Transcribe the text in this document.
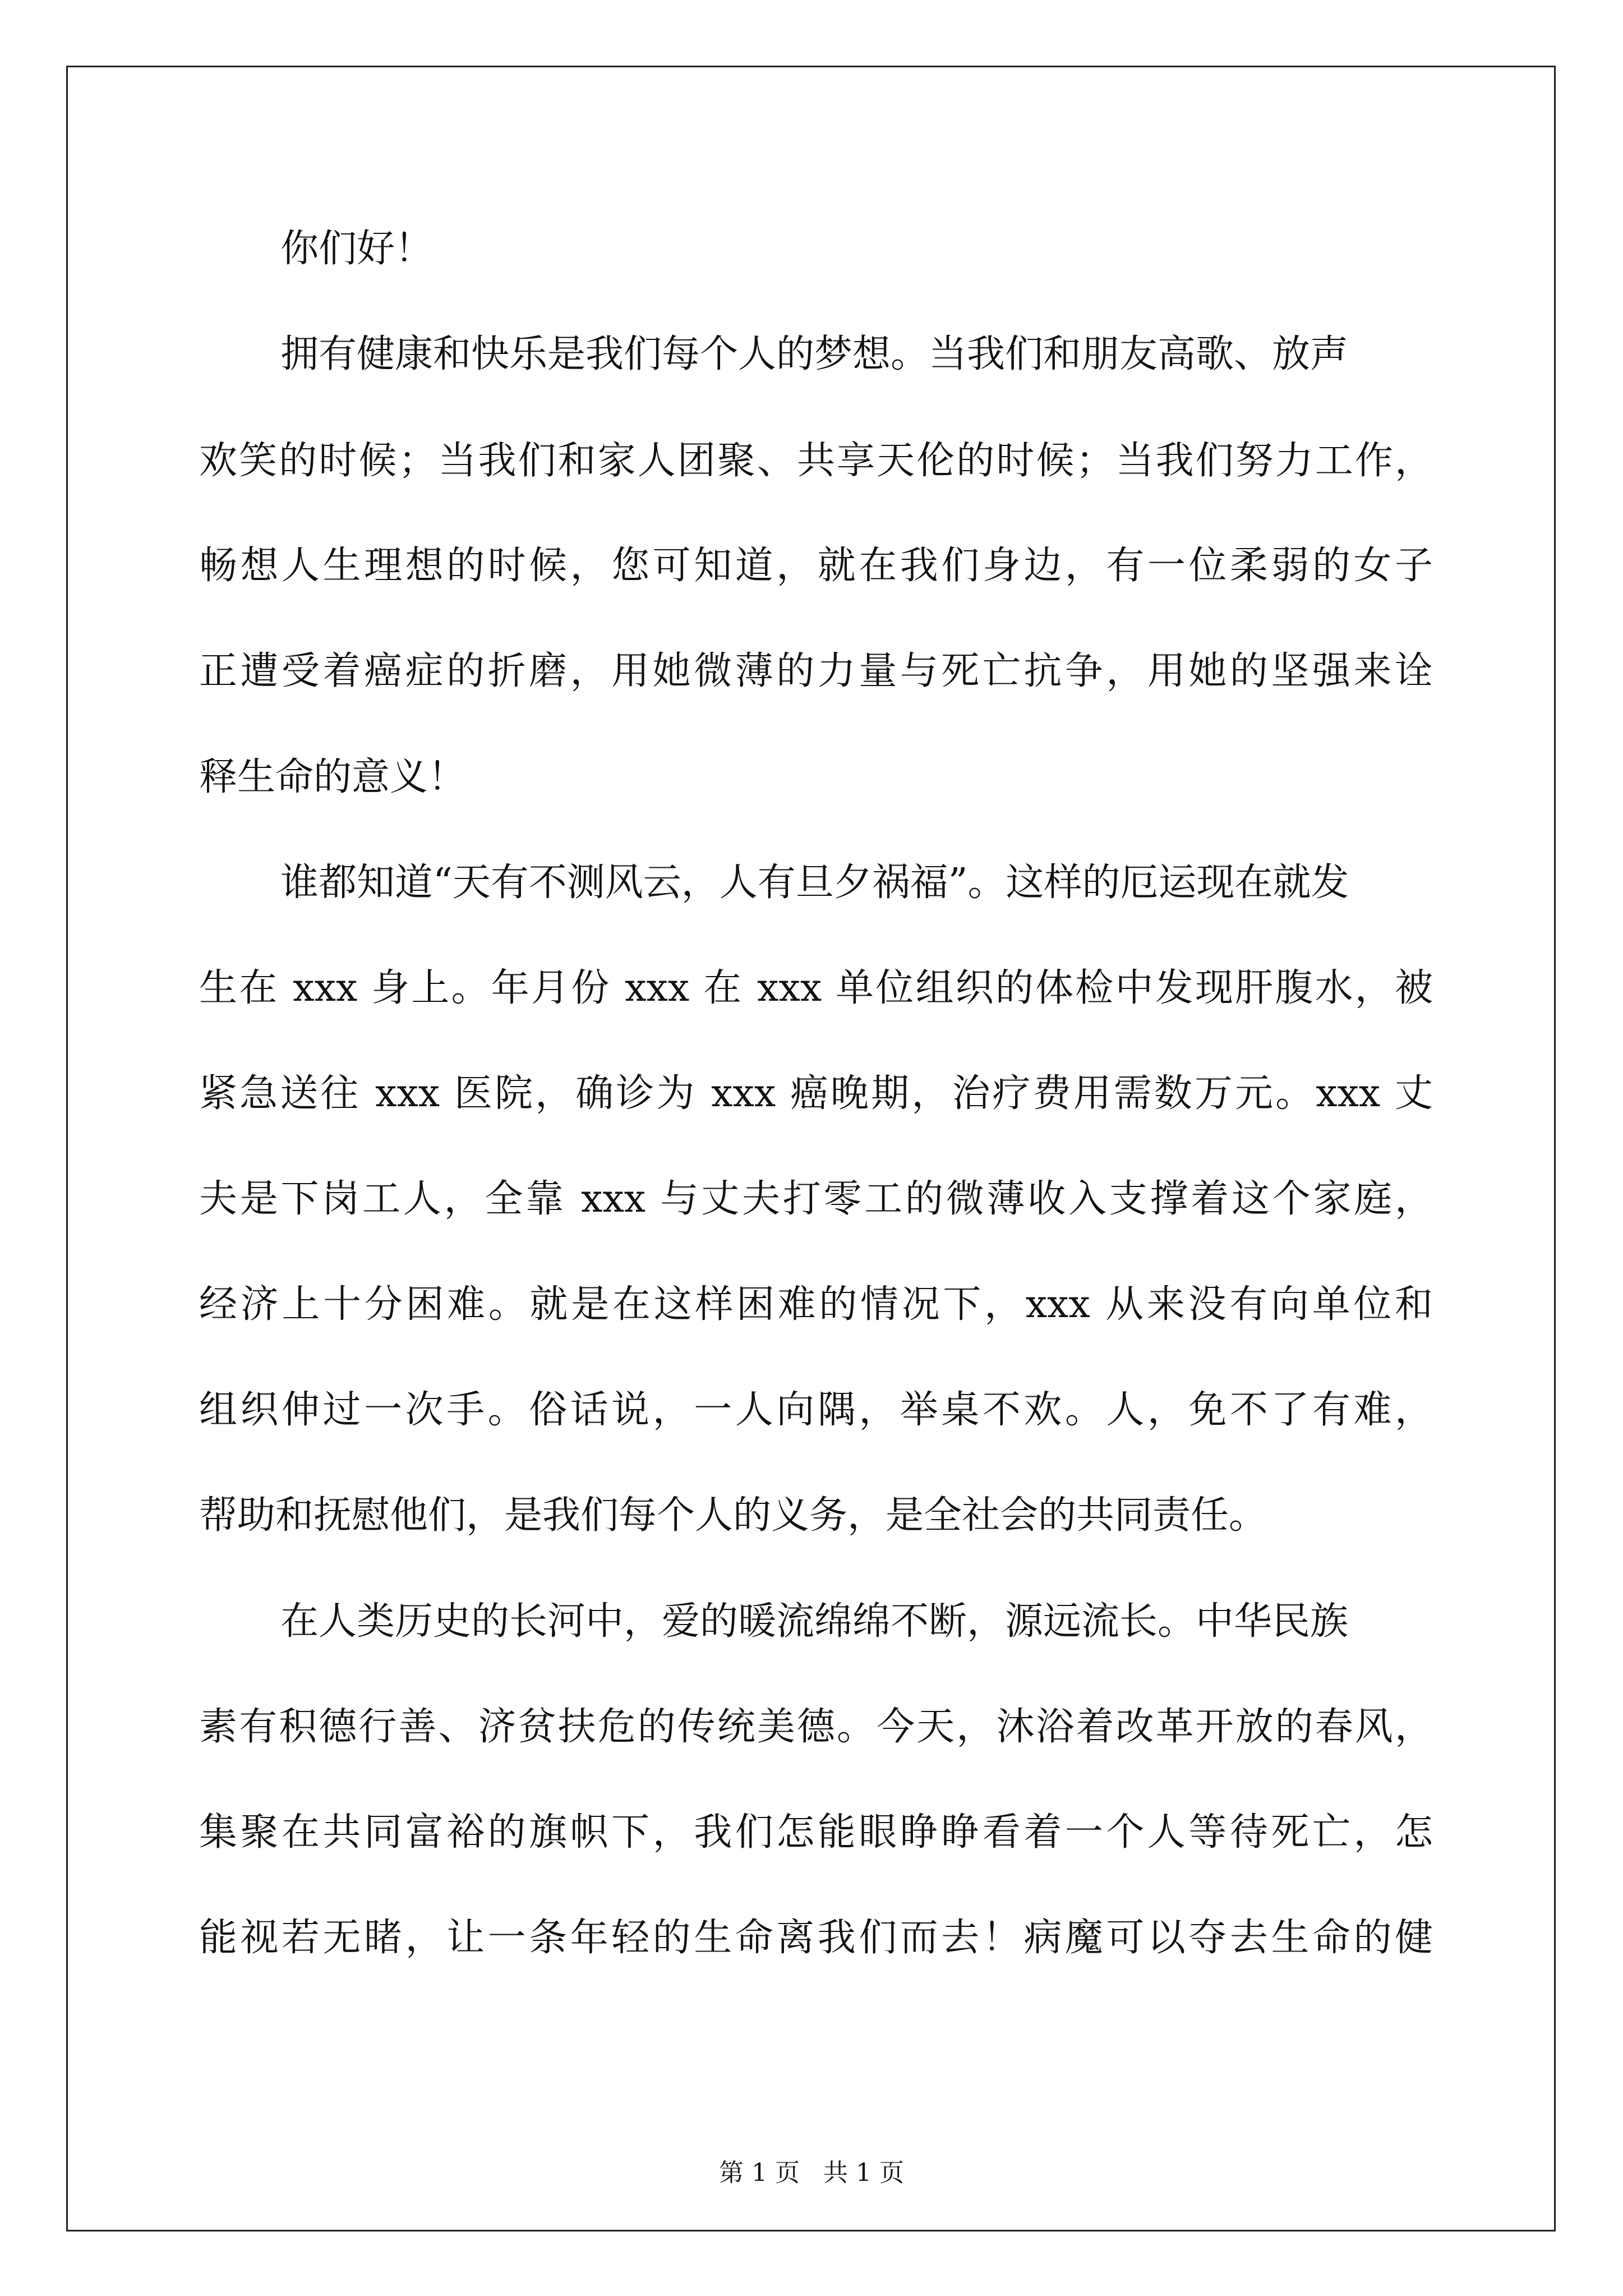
你们好！
拥有健康和快乐是我们每个人的梦想。当我们和朋友高歌、放声
欢笑的时候；当我们和家人团聚、共享天伦的时候；当我们努力工作，
畅想人生理想的时候，您可知道，就在我们身边，有一位柔弱的女子
正遭受着癌症的折磨，用她微薄的力量与死亡抗争，用她的坚强来诠
释生命的意义！
谁都知道“天有不测风云，人有旦夕祸福”。这样的厄运现在就发
生在 xxx 身上。年月份 xxx 在 xxx 单位组织的体检中发现肝腹水，被
紧急送往 xxx 医院，确诊为 xxx 癌晚期，治疗费用需数万元。xxx 丈
夫是下岗工人，全靠 xxx 与丈夫打零工的微薄收入支撑着这个家庭，
经济上十分困难。就是在这样困难的情况下，xxx 从来没有向单位和
组织伸过一次手。俗话说，一人向隅，举桌不欢。人，免不了有难，
帮助和抚慰他们，是我们每个人的义务，是全社会的共同责任。
在人类历史的长河中，爱的暖流绵绵不断，源远流长。中华民族
素有积德行善、济贫扶危的传统美德。今天，沐浴着改革开放的春风，
集聚在共同富裕的旗帜下，我们怎能眼睁睁看着一个人等待死亡，怎
能视若无睹，让一条年轻的生命离我们而去！病魔可以夺去生命的健
第 1 页   共 1 页
